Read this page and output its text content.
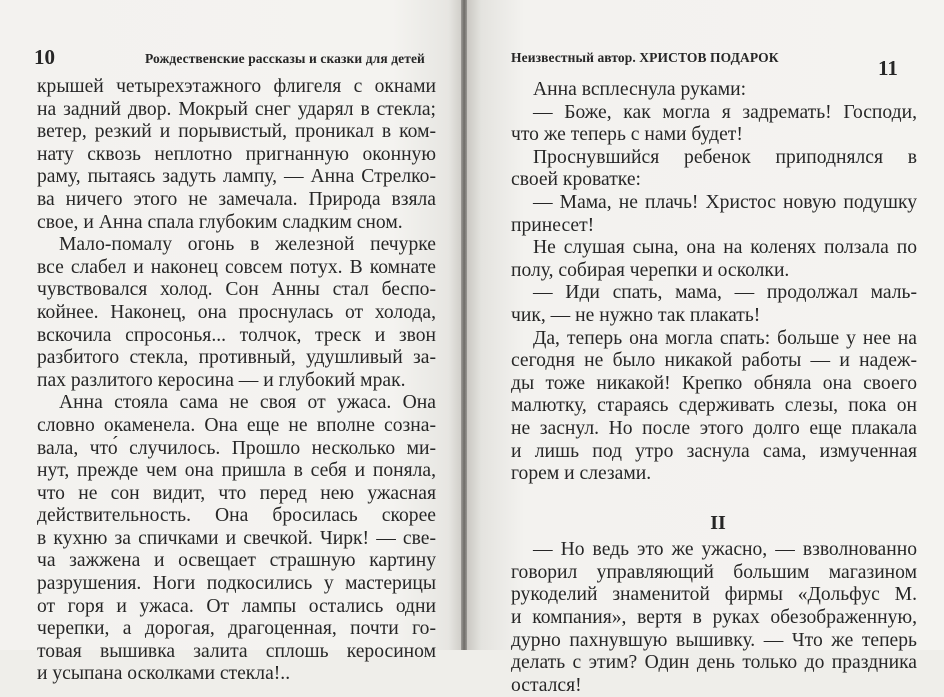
10	Рождественские рассказы и сказки для детей
крышей четырехэтажного флигеля с окнами
на задний двор. Мокрый снег ударял в стекла;
ветер, резкий и порывистый, проникал в ком-
нату сквозь неплотно пригнанную оконную
раму, пытаясь задуть лампу, — Анна Стрелко-
ва ничего этого не замечала. Природа взяла
свое, и Анна спала глубоким сладким сном.
Мало-помалу огонь в железной печурке
все слабел и наконец совсем потух. В комнате
чувствовался холод. Сон Анны стал беспо-
койнее. Наконец, она проснулась от холода,
вскочила спросонья... толчок, треск и звон
разбитого стекла, противный, удушливый за-
пах разлитого керосина — и глубокий мрак.
Анна стояла сама не своя от ужаса. Она
словно окаменела. Она еще не вполне созна-
вала, что́ случилось. Прошло несколько ми-
нут, прежде чем она пришла в себя и поняла,
что не сон видит, что перед нею ужасная
действительность. Она бросилась скорее
в кухню за спичками и свечкой. Чирк! — све-
ча зажжена и освещает страшную картину
разрушения. Ноги подкосились у мастерицы
от горя и ужаса. От лампы остались одни
черепки, а дорогая, драгоценная, почти го-
товая вышивка залита сплошь керосином
и усыпана осколками стекла!..
Неизвестный автор. ХРИСТОВ ПОДАРОК	11
Анна всплеснула руками:
— Боже, как могла я задремать! Господи,
что же теперь с нами будет!
Проснувшийся ребенок приподнялся в
своей кроватке:
— Мама, не плачь! Христос новую подушку
принесет!
Не слушая сына, она на коленях ползала по
полу, собирая черепки и осколки.
— Иди спать, мама, — продолжал маль-
чик, — не нужно так плакать!
Да, теперь она могла спать: больше у нее на
сегодня не было никакой работы — и надеж-
ды тоже никакой! Крепко обняла она своего
малютку, стараясь сдерживать слезы, пока он
не заснул. Но после этого долго еще плакала
и лишь под утро заснула сама, измученная
горем и слезами.
II
— Но ведь это же ужасно, — взволнованно
говорил управляющий большим магазином
рукоделий знаменитой фирмы «Дольфус М.
и компания», вертя в руках обезображенную,
дурно пахнувшую вышивку. — Что же теперь
делать с этим? Один день только до праздника
остался!
